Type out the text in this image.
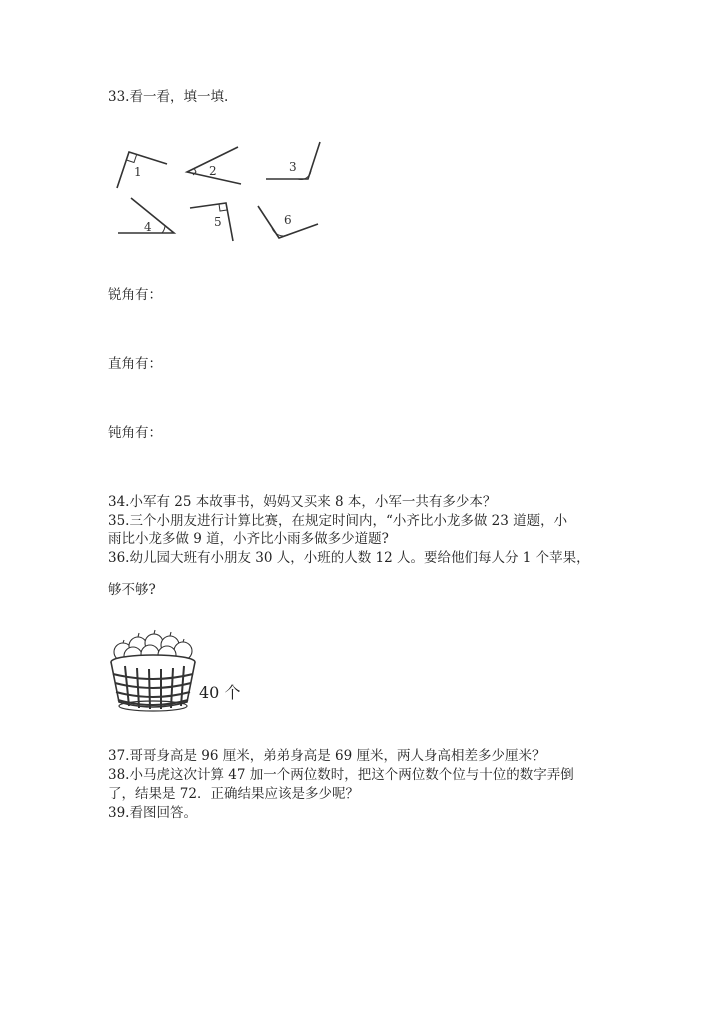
33.看一看，填一填.
1	2	3
4	5	6
锐角有：
直角有：
钝角有：
34.小军有 25 本故事书，妈妈又买来 8 本，小军一共有多少本？
35.三个小朋友进行计算比赛，在规定时间内，“小齐比小龙多做 23 道题，小
雨比小龙多做 9 道，小齐比小雨多做多少道题?
36.幼儿园大班有小朋友 30 人，小班的人数 12 人。要给他们每人分 1 个苹果，
够不够?
40 个
37.哥哥身高是 96 厘米，弟弟身高是 69 厘米，两人身高相差多少厘米？
38.小马虎这次计算 47 加一个两位数时，把这个两位数个位与十位的数字弄倒
了，结果是 72．正确结果应该是多少呢？
39.看图回答。
